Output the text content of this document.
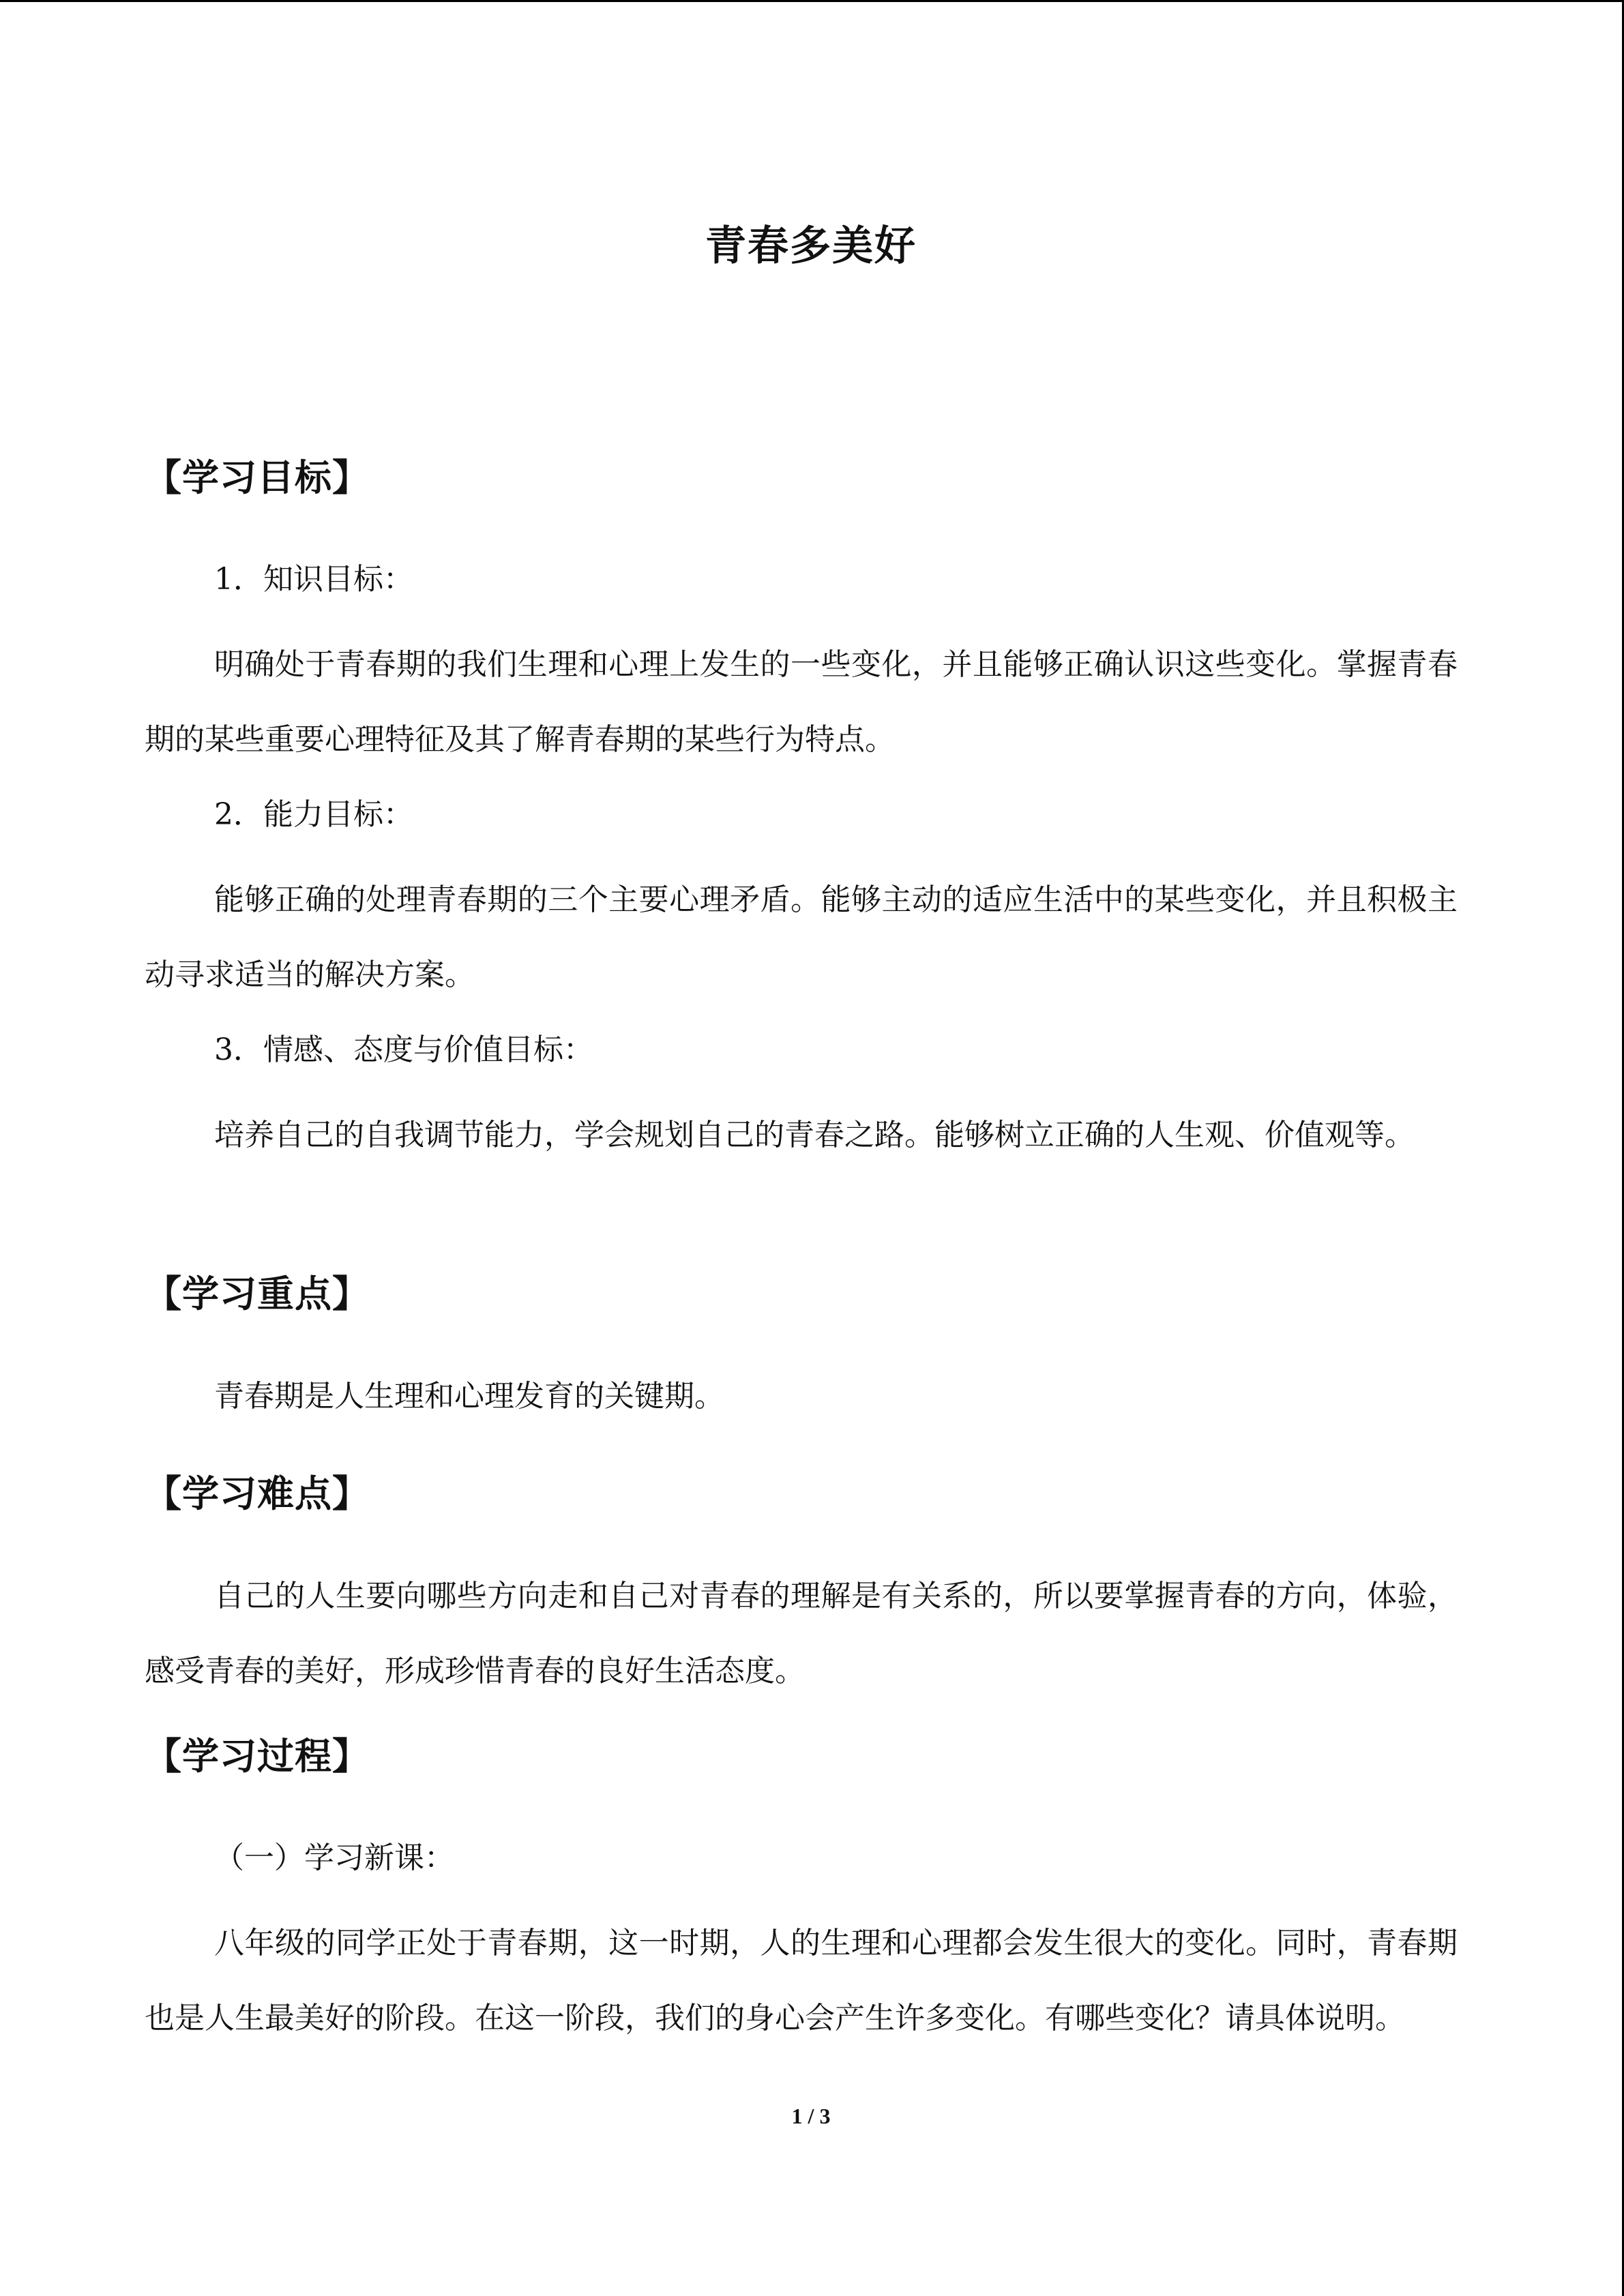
青春多美好
【学习目标】
1．知识目标：

明确处于青春期的我们生理和心理上发生的一些变化，并且能够正确认识这些变化。掌握青春期的某些重要心理特征及其了解青春期的某些行为特点。

2．能力目标：

能够正确的处理青春期的三个主要心理矛盾。能够主动的适应生活中的某些变化，并且积极主动寻求适当的解决方案。

3．情感、态度与价值目标：

培养自己的自我调节能力，学会规划自己的青春之路。能够树立正确的人生观、价值观等。

【学习重点】

青春期是人生理和心理发育的关键期。

【学习难点】

自己的人生要向哪些方向走和自己对青春的理解是有关系的，所以要掌握青春的方向，体验，感受青春的美好，形成珍惜青春的良好生活态度。

【学习过程】
（一）学习新课：

八年级的同学正处于青春期，这一时期，人的生理和心理都会发生很大的变化。同时，青春期也是人生最美好的阶段。在这一阶段，我们的身心会产生许多变化。有哪些变化？请具体说明。

1 / 3
